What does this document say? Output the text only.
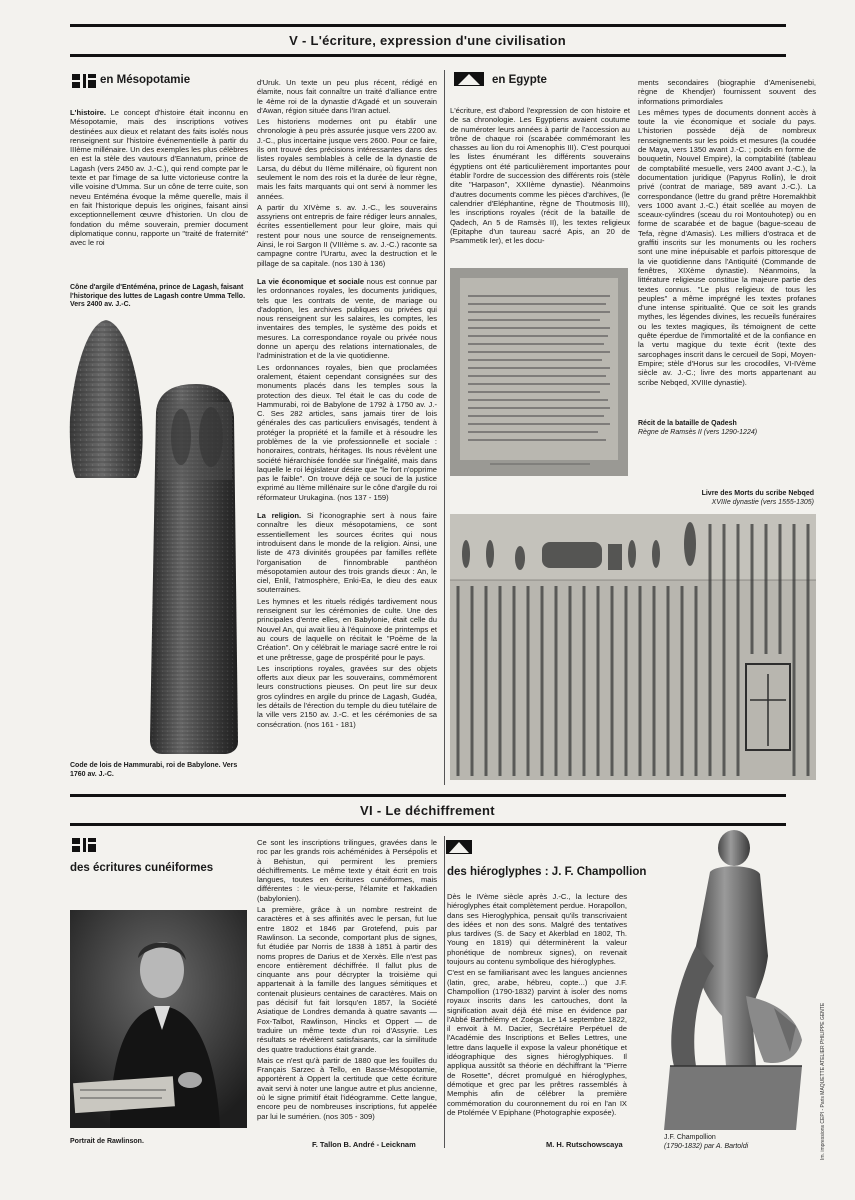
V - L'écriture, expression d'une civilisation
en Mésopotamie

L'histoire. Le concept d'histoire était inconnu en Mésopotamie, mais des inscriptions votives destinées aux dieux et relatant des faits isolés nous renseignent sur l'histoire événementielle à partir du IIIème millénaire. Un des exemples les plus célèbres en est la stèle des vautours d'Eannatum, prince de Lagash (vers 2450 av. J.-C.), qui rend compte par le texte et par l'image de sa lutte victorieuse contre la ville voisine d'Umma. Sur un cône de terre cuite, son neveu Entéména évoque la même querelle, mais il en fait l'historique depuis les origines, faisant ainsi exceptionnellement œuvre d'historien. Un clou de fondation du même souverain, premier document diplomatique connu, rapporte un "traité de fraternité" avec le roi

Cône d'argile d'Entéména, prince de Lagash, faisant l'historique des luttes de Lagash contre Umma Tello. Vers 2400 av. J.-C.
Code de lois de Hammurabi, roi de Babylone. Vers 1760 av. J.-C.

d'Uruk. Un texte un peu plus récent, rédigé en élamite, nous fait connaître un traité d'alliance entre le 4ème roi de la dynastie d'Agadé et un souverain d'Awan, région située dans l'Iran actuel.

Les historiens modernes ont pu établir une chronologie à peu près assurée jusque vers 2200 av. J.-C., plus incertaine jusque vers 2600. Pour ce faire, ils ont trouvé des précisions intéressantes dans des listes royales semblables à celle de la dynastie de Larsa, du début du IIème millénaire, où figurent non seulement le nom des rois et la durée de leur règne, mais les faits marquants qui ont servi à nommer les années.

A partir du XIVème s. av. J.-C., les souverains assyriens ont entrepris de faire rédiger leurs annales, écrites essentiellement pour leur gloire, mais qui restent pour nous une source de renseignements. Ainsi, le roi Sargon II (VIIIème s. av. J.-C.) raconte sa campagne contre l'Urartu, avec la destruction et le pillage de sa capitale. (nos 130 à 136)

La vie économique et sociale nous est connue par les ordonnances royales, les documents juridiques, tels que les contrats de vente, de mariage ou d'adoption, les archives publiques ou privées qui nous renseignent sur les salaires, les comptes, les inventaires des temples, le système des poids et mesures. La correspondance royale ou privée nous donne un aperçu des relations internationales, de l'administration et de la vie quotidienne.

Les ordonnances royales, bien que proclamées oralement, étaient cependant consignées sur des monuments placés dans les temples sous la protection des dieux. Tel était le cas du code de Hammurabi, roi de Babylone de 1792 à 1750 av. J.-C. Ses 282 articles, sans jamais tirer de lois générales des cas particuliers envisagés, tendent à protéger la propriété et la famille et à résoudre les problèmes de la vie professionnelle et sociale : honoraires, contrats, héritages. Ils nous révèlent une société hiérarchisée fondée sur l'inégalité, mais dans laquelle le roi législateur désire que "le fort n'opprime pas le faible". On trouve déjà ce souci de la justice exprimé au IIème millénaire sur le cône d'argile du roi réformateur Urukagina. (nos 137 - 159)

La religion. Si l'iconographie sert à nous faire connaître les dieux mésopotamiens, ce sont essentiellement les sources écrites qui nous introduisent dans le monde de la religion. Ainsi, une liste de 473 divinités groupées par familles reflète l'organisation de l'innombrable panthéon mésopotamien autour des trois grands dieux : An, le ciel, Enlil, l'atmosphère, Enki-Ea, le dieu des eaux souterraines.

Les hymnes et les rituels rédigés tardivement nous renseignent sur les cérémonies de culte. Une des principales d'entre elles, en Babylonie, était celle du Nouvel An, qui avait lieu à l'équinoxe de printemps et au cours de laquelle on récitait le "Poème de la Création". On y célébrait le mariage sacré entre le roi et une prêtresse, gage de prospérité pour le pays.

Les inscriptions royales, gravées sur des objets offerts aux dieux par les souverains, commémorent leurs constructions pieuses. On peut lire sur deux gros cylindres en argile du prince de Lagash, Gudéa, les détails de l'érection du temple du dieu tutélaire de la ville vers 2150 av. J.-C. et les cérémonies de sa consécration. (nos 161 - 181)

en Egypte

L'écriture, est d'abord l'expression de con histoire et de sa chronologie. Les Egyptiens avaient coutume de numéroter leurs années à partir de l'accession au trône de chaque roi (scarabée commémorant les chasses au lion du roi Amenophis III). C'est pourquoi les listes énumérant les différents souverains égyptiens ont été particulièrement importantes pour établir l'ordre de succession des différents rois (stèle dite "Harpason", XXIIème dynastie). Néanmoins d'autres documents comme les pièces d'archives, (le calendrier d'Eléphantine, règne de Thoutmosis III), les inscriptions royales (récit de la bataille de Qadech, An 5 de Ramsès II), les textes religieux (Epitaphe d'un taureau sacré Apis, an 20 de Psammetik Ier), et les docu-

Récit de la bataille de Qadesh
Règne de Ramsès II (vers 1290-1224)

ments secondaires (biographie d'Amenisenebi, règne de Khendjer) fournissent souvent des informations primordiales

Les mêmes types de documents donnent accès à toute la vie économique et sociale du pays. L'historien possède déjà de nombreux renseignements sur les poids et mesures (la coudée de Maya, vers 1350 avant J.-C. ; poids en forme de bouquetin, Nouvel Empire), la comptabilité (tableau de comptabilité mesuelle, vers 2400 avant J.-C.), la documentation juridique (Papyrus Rollin), le droit privé (contrat de mariage, 589 avant J.-C.). La correspondance (lettre du grand prêtre Horemakhbit vers 1000 avant J.-C.) était scellée au moyen de sceaux-cylindres (sceau du roi Montouhotep) ou en forme de scarabée et de bague (bague-sceau de Tefa, règne d'Amasis). Les milliers d'ostraca et de graffiti inscrits sur les monuments ou les rochers sont une mine inépuisable et parfois pittoresque de la vie quotidienne dans l'Antiquité (Commande de fenêtres, XIXème dynastie). Néanmoins, la littérature religieuse constitue la majeure partie des textes connus. "Le plus religieux de tous les peuples" a même imprégné les textes profanes d'une intense spiritualité. Que ce soit les grands mythes, les légendes divines, les recueils funéraires ou les textes magiques, ils témoignent de cette quête éperdue de l'immortalité et de la confiance en la vertu magique du texte écrit (texte des sarcophages inscrit dans le cercueil de Sopi, Moyen-Empire; stèle d'Horus sur les crocodiles, VI-IVème siècle av. J.-C.; livre des morts appartenant au scribe Nebqed, XVIIIe dynastie).

Livre des Morts du scribe Nebqed
XVIIIe dynastie (vers 1555-1305)
VI - Le déchiffrement
des écritures cunéiformes
Portrait de Rawlinson.

Ce sont les inscriptions trilingues, gravées dans le roc par les grands rois achéménides à Persépolis et à Behistun, qui permirent les premiers déchiffrements. Le même texte y était écrit en trois langues, toutes en écritures cunéiformes, mais différentes : le vieux-perse, l'élamite et l'akkadien (babylonien).

La première, grâce à un nombre restreint de caractères et à ses affinités avec le persan, fut lue entre 1802 et 1846 par Grotefend, puis par Rawlinson. La seconde, comportant plus de signes, fut étudiée par Norris de 1838 à 1851 à partir des noms propres de Darius et de Xerxès. Elle n'est pas encore entièrement déchiffrée. Il fallut plus de cinquante ans pour décrypter la troisième qui appartenait à la famille des langues sémitiques et contenait plusieurs centaines de caractères. Mais on pas décisif fut fait lorsqu'en 1857, la Société Asiatique de Londres demanda à quatre savants — Fox-Talbot, Rawlinson, Hincks et Oppert — de traduire un même texte d'un roi d'Assyrie. Les résultats se révélèrent satisfaisants, car la similitude des quatre traductions était grande.

Mais ce n'est qu'à partir de 1880 que les fouilles du Français Sarzec à Tello, en Basse-Mésopotamie, apportèrent à Oppert la certitude que cette écriture avait servi à noter une langue autre et plus ancienne, où le signe primitif était l'idéogramme. Cette langue, encore peu de nombreuses inscriptions, fut appelée par lui le sumérien. (nos 305 - 309)

F. Tallon B. André - Leicknam
des hiéroglyphes : J. F. Champollion

Dès le IVème siècle après J.-C., la lecture des hiéroglyphes était complètement perdue. Horapollon, dans ses Hieroglyphica, pensait qu'ils transcrivaient des idées et non des sons. Malgré des tentatives plus tardives (S. de Sacy et Akerblad en 1802, Th. Young en 1819) qui déterminèrent la valeur phonétique de nombreux signes), on revenait toujours au contenu symbolique des hiéroglyphes.

C'est en se familiarisant avec les langues anciennes (latin, grec, arabe, hébreu, copte...) que J.F. Champollion (1790-1832) parvint à isoler des noms royaux inscrits dans les cartouches, dont la signification avait déjà été mise en évidence par l'Abbé Barthélémy et Zoéga. Le 14 septembre 1822, il envoit à M. Dacier, Secrétaire Perpétuel de l'Académie des Inscriptions et Belles Lettres, une lettre dans laquelle il expose la valeur phonétique et idéographique des signes hiéroglyphiques. Il appliqua aussitôt sa théorie en déchiffrant la "Pierre de Rosette", décret promulgué en hiéroglyphes, démotique et grec par les prêtres rassemblés à Memphis afin de célébrer la première commémoration du couronnement du roi en l'an IX de Ptolémée V Epiphane (Photographie exposée).

M. H. Rutschowscaya
J.F. Champollion
(1790-1832) par A. Bartoldi	Im. impressions CEPI - Paris MAQUETTE ATELIER PHILIPPE GENTE
